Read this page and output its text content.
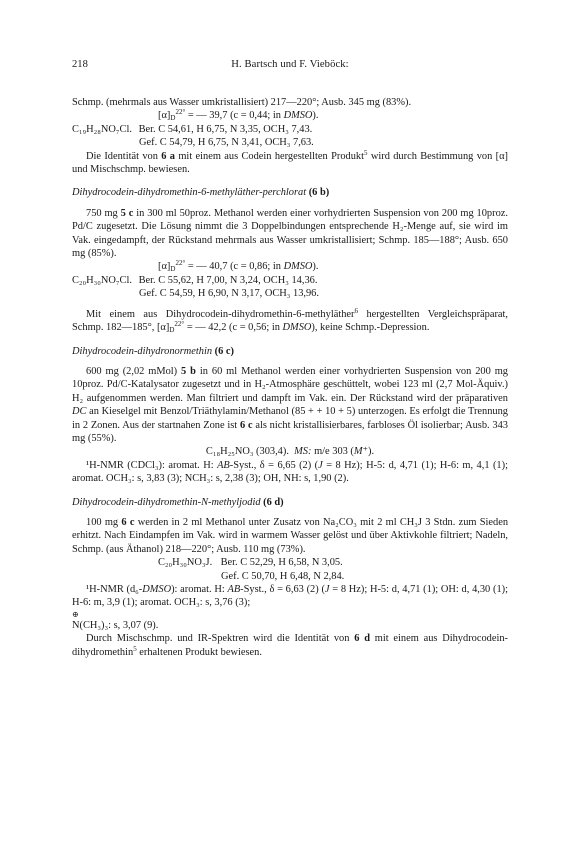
218	H. Bartsch und F. Vieböck:

Schmp. (mehrmals aus Wasser umkristallisiert) 217—220°; Ausb. 345 mg (83%).

$[\alpha]_D^{22^\circ}$ = — 39,7 (c = 0,44; in DMSO).

C₁₉H₂₈NO₇Cl. Ber. C 54,61, H 6,75, N 3,35, OCH₃ 7,43.

Gef. C 54,79, H 6,75, N 3,41, OCH₃ 7,63.

Die Identität von 6 a mit einem aus Codein hergestellten Produkt$^5$ wird durch Bestimmung von [α] und Mischschmp. bewiesen.

Dihydrocodein-dihydromethin-6-methyläther-perchlorat (6 b)

750 mg 5 c in 300 ml 50proz. Methanol werden einer vorhydrierten Suspension von 200 mg 10proz. Pd/C zugesetzt. Die Lösung nimmt die 3 Doppelbindungen entsprechende H₂-Menge auf, sie wird im Vak. eingedampft, der Rückstand mehrmals aus Wasser umkristallisiert; Schmp. 185—188°; Ausb. 650 mg (85%).

$[\alpha]_D^{22^\circ}$ = — 40,7 (c = 0,86; in DMSO).

C₂₀H₃₀NO₇Cl. Ber. C 55,62, H 7,00, N 3,24, OCH₃ 14,36.

Gef. C 54,59, H 6,90, N 3,17, OCH₃ 13,96.

Mit einem aus Dihydrocodein-dihydromethin-6-methyläther$^6$ hergestellten Vergleichspräparat, Schmp. 182—185°, $[\alpha]_D^{22^\circ}$ = — 42,2 (c = 0,56; in DMSO), keine Schmp.-Depression.

Dihydrocodein-dihydronormethin (6 c)

600 mg (2,02 mMol) 5 b in 60 ml Methanol werden einer vorhydrierten Suspension von 200 mg 10proz. Pd/C-Katalysator zugesetzt und in H₂-Atmosphäre geschüttelt, wobei 123 ml (2,7 Mol-Äquiv.) H₂ aufgenommen werden. Man filtriert und dampft im Vak. ein. Der Rückstand wird der präparativen DC an Kieselgel mit Benzol/Triäthylamin/Methanol (85 + + 10 + 5) unterzogen. Es erfolgt die Trennung in 2 Zonen. Aus der startnahen Zone ist 6 c als nicht kristallisierbares, farbloses Öl isolierbar; Ausb. 343 mg (55%).

C₁₈H₂₅NO₃ (303,4). MS: m/e 303 (M⁺).

¹H-NMR (CDCl₃): aromat. H: AB-Syst., δ = 6,65 (2) (J = 8 Hz); H-5: d, 4,71 (1); H-6: m, 4,1 (1); aromat. OCH₃: s, 3,83 (3); NCH₃: s, 2,38 (3); OH, NH: s, 1,90 (2).

Dihydrocodein-dihydromethin-N-methyljodid (6 d)

100 mg 6 c werden in 2 ml Methanol unter Zusatz von Na₂CO₃ mit 2 ml CH₃J 3 Stdn. zum Sieden erhitzt. Nach Eindampfen im Vak. wird in warmem Wasser gelöst und über Aktivkohle filtriert; Nadeln, Schmp. (aus Äthanol) 218—220°; Ausb. 110 mg (73%).

C₂₀H₃₀NO₃J. Ber. C 52,29, H 6,58, N 3,05.

Gef. C 50,70, H 6,48, N 2,84.

¹H-NMR (d₆-DMSO): aromat. H: AB-Syst., δ = 6,63 (2) (J = 8 Hz); H-5: d, 4,71 (1); OH: d, 4,30 (1); H-6: m, 3,9 (1); aromat. OCH₃: s, 3,76 (3);

⊕

N(CH₃)₃: s, 3,07 (9).

Durch Mischschmp. und IR-Spektren wird die Identität von 6 d mit einem aus Dihydrocodein-dihydromethin$^5$ erhaltenen Produkt bewiesen.
